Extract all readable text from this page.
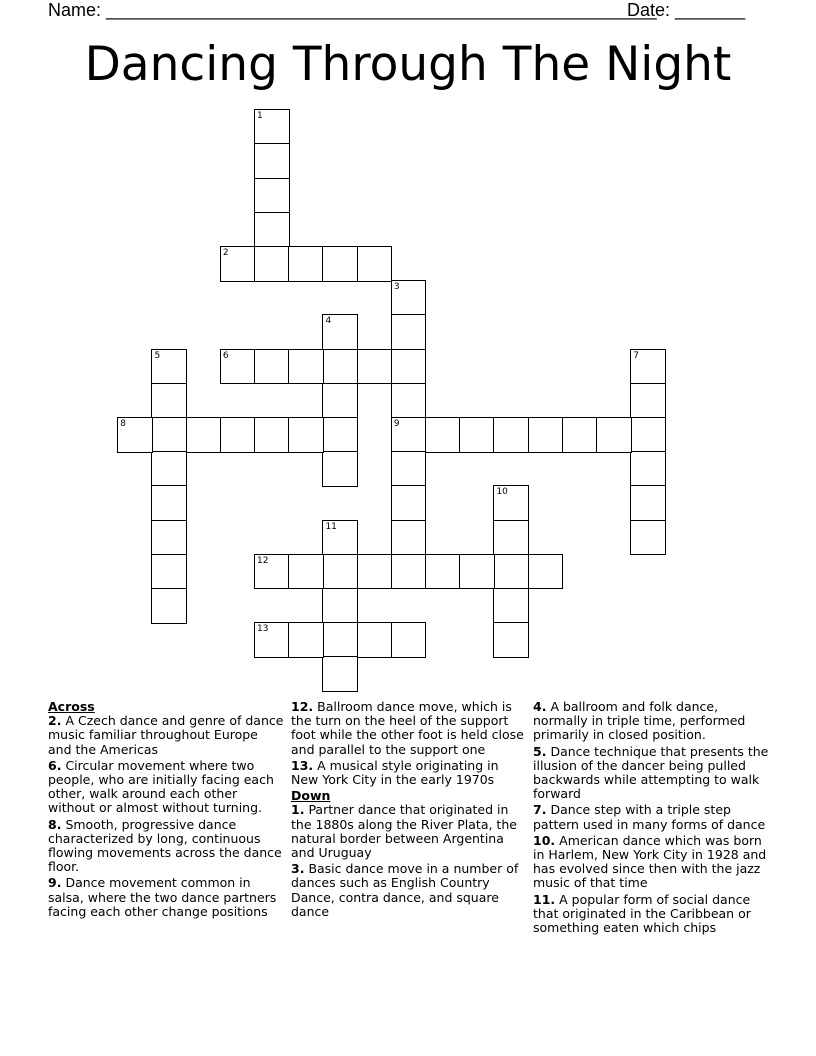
Name: _______________________________________________________
Date: _______
Dancing Through The Night
1
2
3
9
4
5	6	7
8
10
11
12
13

Across

2. A Czech dance and genre of dance music familiar throughout Europe and the Americas

6. Circular movement where two people, who are initially facing each other, walk around each other without or almost without turning.

8. Smooth, progressive dance characterized by long, continuous flowing movements across the dance floor.

9. Dance movement common in salsa, where the two dance partners facing each other change positions

12. Ballroom dance move, which is the turn on the heel of the support foot while the other foot is held close and parallel to the support one

13. A musical style originating in New York City in the early 1970s

Down

1. Partner dance that originated in the 1880s along the River Plata, the natural border between Argentina and Uruguay

3. Basic dance move in a number of dances such as English Country Dance, contra dance, and square dance

4. A ballroom and folk dance, normally in triple time, performed primarily in closed position.

5. Dance technique that presents the illusion of the dancer being pulled backwards while attempting to walk forward

7. Dance step with a triple step pattern used in many forms of dance

10. American dance which was born in Harlem, New York City in 1928 and has evolved since then with the jazz music of that time

11. A popular form of social dance that originated in the Caribbean or something eaten which chips
